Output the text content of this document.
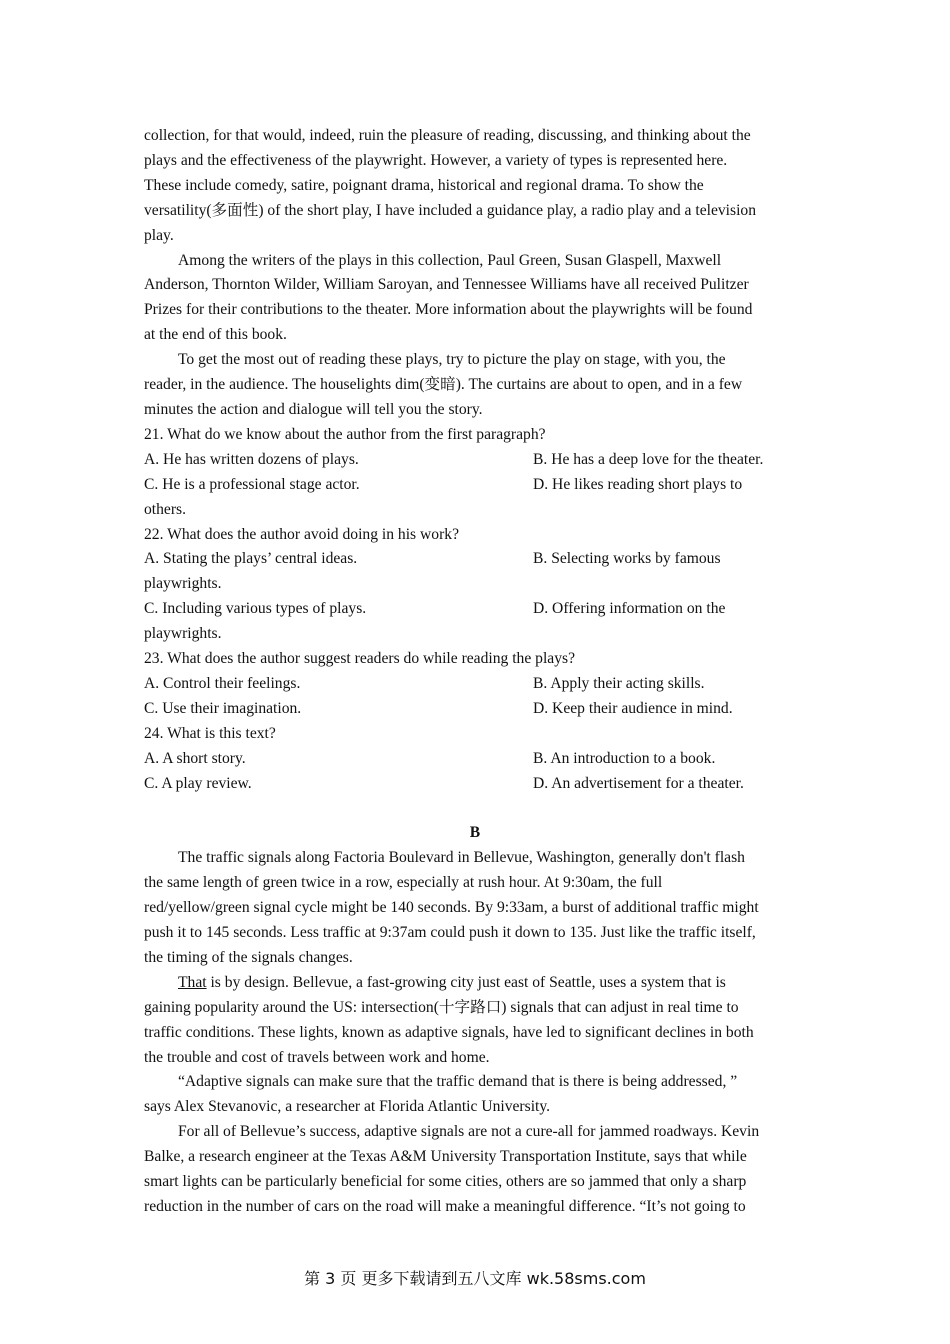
collection, for that would, indeed, ruin the pleasure of reading, discussing, and thinking about the
plays and the effectiveness of the playwright. However, a variety of types is represented here.
These include comedy, satire, poignant drama, historical and regional drama. To show the
versatility(多面性) of the short play, I have included a guidance play, a radio play and a television
play.
Among the writers of the plays in this collection, Paul Green, Susan Glaspell, Maxwell
Anderson, Thornton Wilder, William Saroyan, and Tennessee Williams have all received Pulitzer
Prizes for their contributions to the theater. More information about the playwrights will be found
at the end of this book.
To get the most out of reading these plays, try to picture the play on stage, with you, the
reader, in the audience. The houselights dim(变暗). The curtains are about to open, and in a few
minutes the action and dialogue will tell you the story.
21. What do we know about the author from the first paragraph?
A. He has written dozens of plays.	B. He has a deep love for the theater.
C. He is a professional stage actor.	D. He likes reading short plays to
others.
22. What does the author avoid doing in his work?
A. Stating the plays’ central ideas.	B. Selecting works by famous
playwrights.
C. Including various types of plays.	D. Offering information on the
playwrights.
23. What does the author suggest readers do while reading the plays?
A. Control their feelings.	B. Apply their acting skills.
C. Use their imagination.	D. Keep their audience in mind.
24. What is this text?
A. A short story.	B. An introduction to a book.
C. A play review.	D. An advertisement for a theater.
B
The traffic signals along Factoria Boulevard in Bellevue, Washington, generally don't flash
the same length of green twice in a row, especially at rush hour. At 9:30am, the full
red/yellow/green signal cycle might be 140 seconds. By 9:33am, a burst of additional traffic might
push it to 145 seconds. Less traffic at 9:37am could push it down to 135. Just like the traffic itself,
the timing of the signals changes.
That is by design. Bellevue, a fast-growing city just east of Seattle, uses a system that is
gaining popularity around the US: intersection(十字路口) signals that can adjust in real time to
traffic conditions. These lights, known as adaptive signals, have led to significant declines in both
the trouble and cost of travels between work and home.
“Adaptive signals can make sure that the traffic demand that is there is being addressed, ”
says Alex Stevanovic, a researcher at Florida Atlantic University.
For all of Bellevue’s success, adaptive signals are not a cure-all for jammed roadways. Kevin
Balke, a research engineer at the Texas A&M University Transportation Institute, says that while
smart lights can be particularly beneficial for some cities, others are so jammed that only a sharp
reduction in the number of cars on the road will make a meaningful difference. “It’s not going to
第 3 页 更多下载请到五八文库 wk.58sms.com
